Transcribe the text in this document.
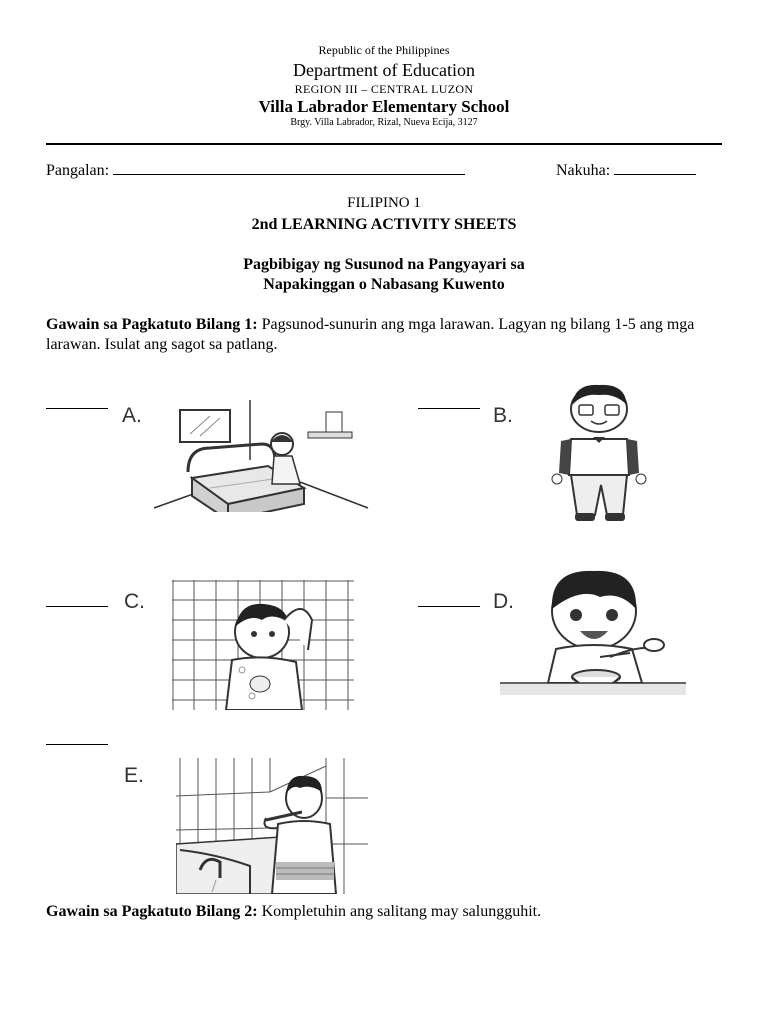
Republic of the Philippines
Department of Education
REGION III – CENTRAL LUZON
Villa Labrador Elementary School
Brgy. Villa Labrador, Rizal, Nueva Ecija, 3127
Pangalan:	Nakuha:
FILIPINO 1
2nd LEARNING ACTIVITY SHEETS
Pagbibigay ng Susunod na Pangyayari sa
Napakinggan o Nabasang Kuwento
Gawain sa Pagkatuto Bilang 1: Pagsunod-sunurin ang mga larawan. Lagyan ng bilang 1-5 ang mga larawan. Isulat ang sagot sa patlang.
A.	B.
C.	D.
E.
Gawain sa Pagkatuto Bilang 2: Kompletuhin ang salitang may salungguhit.
